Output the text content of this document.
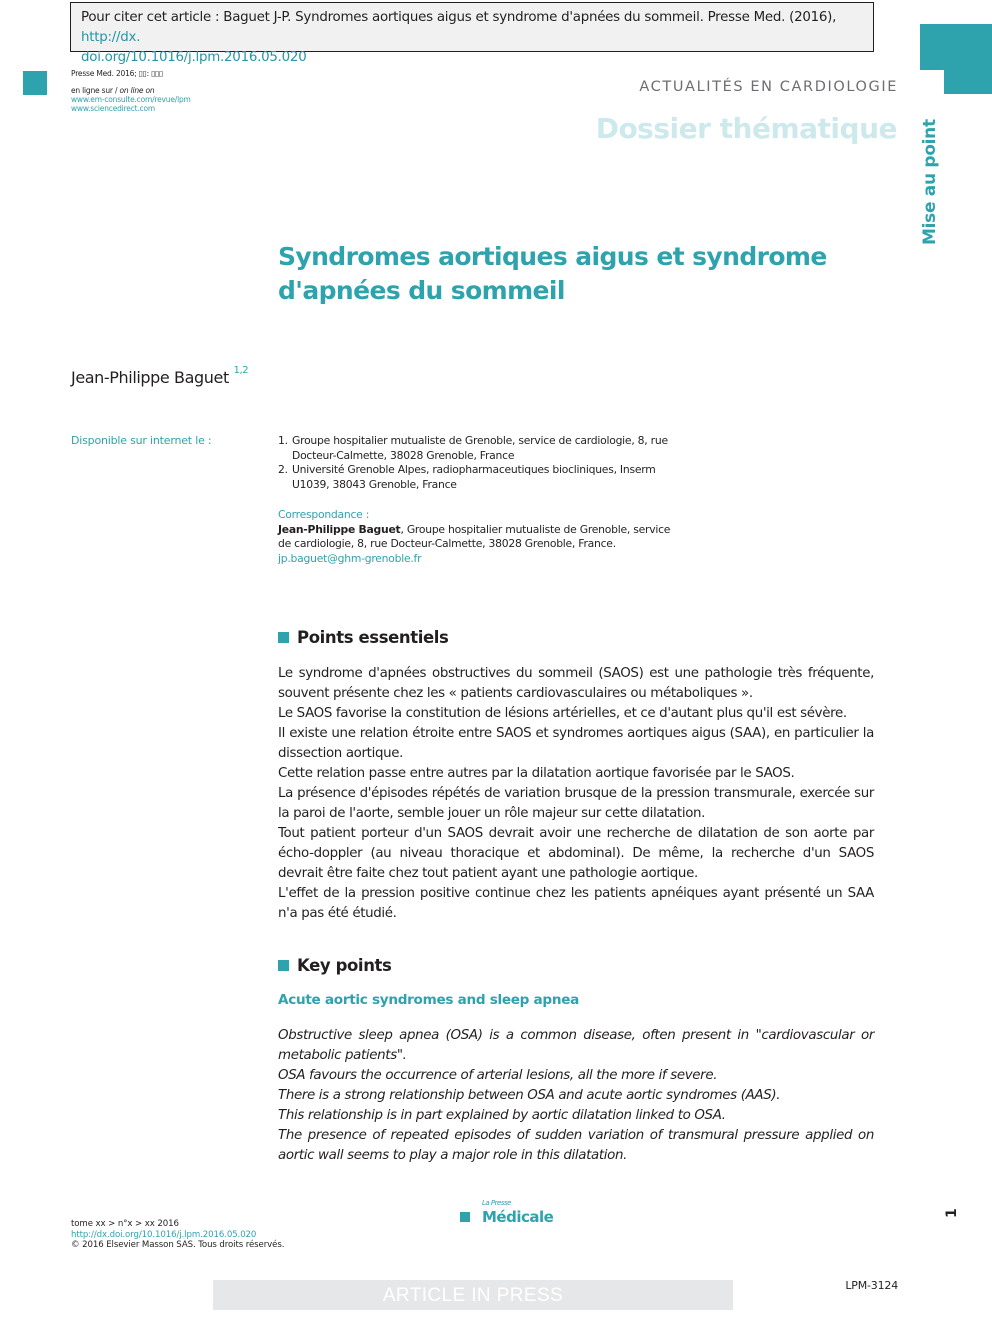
Pour citer cet article : Baguet J-P. Syndromes aortiques aigus et syndrome d'apnées du sommeil. Presse Med. (2016), http://dx.
doi.org/10.1016/j.lpm.2016.05.020
Presse Med. 2016; ▯▯: ▯▯▯
en ligne sur / on line on
www.em-consulte.com/revue/lpm
www.sciencedirect.com
ACTUALITÉS EN CARDIOLOGIE
Dossier thématique Mise au point
Syndromes aortiques aigus et syndrome d'apnées du sommeil
Jean-Philippe Baguet $^{1,2}$
Disponible sur internet le :	1. Groupe hospitalier mutualiste de Grenoble, service de cardiologie, 8, rue Docteur-Calmette, 38028 Grenoble, France
2. Université Grenoble Alpes, radiopharmaceutiques biocliniques, Inserm U1039, 38043 Grenoble, France
Correspondance :
Jean-Philippe Baguet, Groupe hospitalier mutualiste de Grenoble, service de cardiologie, 8, rue Docteur-Calmette, 38028 Grenoble, France.
jp.baguet@ghm-grenoble.fr
Points essentiels

Le syndrome d'apnées obstructives du sommeil (SAOS) est une pathologie très fréquente, souvent présente chez les « patients cardiovasculaires ou métaboliques ».

Le SAOS favorise la constitution de lésions artérielles, et ce d'autant plus qu'il est sévère.

Il existe une relation étroite entre SAOS et syndromes aortiques aigus (SAA), en particulier la dissection aortique.

Cette relation passe entre autres par la dilatation aortique favorisée par le SAOS.

La présence d'épisodes répétés de variation brusque de la pression transmurale, exercée sur la paroi de l'aorte, semble jouer un rôle majeur sur cette dilatation.

Tout patient porteur d'un SAOS devrait avoir une recherche de dilatation de son aorte par écho-doppler (au niveau thoracique et abdominal). De même, la recherche d'un SAOS devrait être faite chez tout patient ayant une pathologie aortique.

L'effet de la pression positive continue chez les patients apnéiques ayant présenté un SAA n'a pas été étudié.

Key points
Acute aortic syndromes and sleep apnea

Obstructive sleep apnea (OSA) is a common disease, often present in "cardiovascular or metabolic patients".

OSA favours the occurrence of arterial lesions, all the more if severe.

There is a strong relationship between OSA and acute aortic syndromes (AAS).

This relationship is in part explained by aortic dilatation linked to OSA.

The presence of repeated episodes of sudden variation of transmural pressure applied on aortic wall seems to play a major role in this dilatation.

tome xx > n°x > xx 2016
http://dx.doi.org/10.1016/j.lpm.2016.05.020
© 2016 Elsevier Masson SAS. Tous droits réservés.
La Presse
Médicale	1
ARTICLE IN PRESS	LPM-3124
